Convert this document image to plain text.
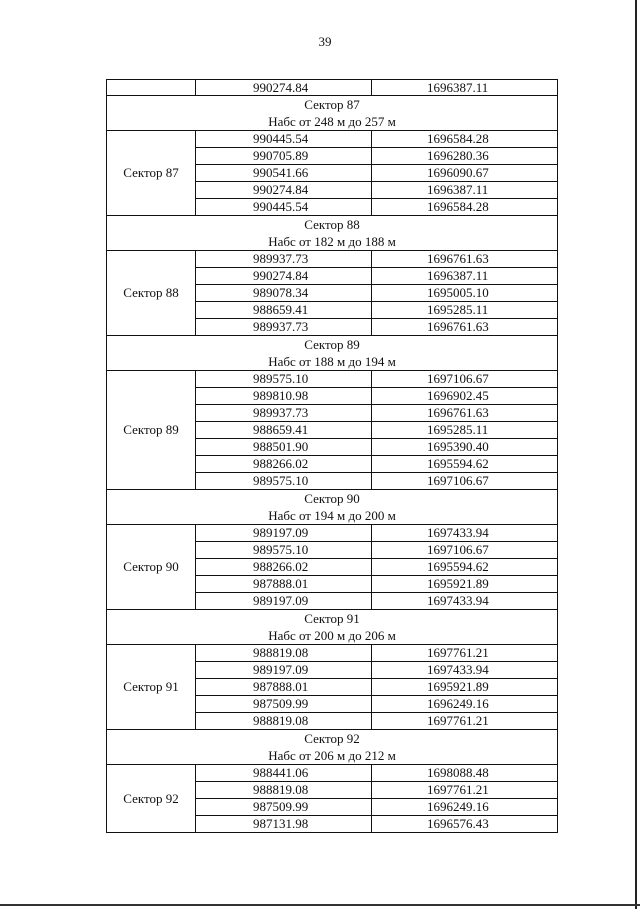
39
990274.84	1696387.11
Сектор 87
Набс от 248 м до 257 м
Сектор 87
990445.54	1696584.28
990705.89	1696280.36
990541.66	1696090.67
990274.84	1696387.11
990445.54	1696584.28
Сектор 88
Набс от 182 м до 188 м
Сектор 88
989937.73	1696761.63
990274.84	1696387.11
989078.34	1695005.10
988659.41	1695285.11
989937.73	1696761.63
Сектор 89
Набс от 188 м до 194 м
Сектор 89
989575.10	1697106.67
989810.98	1696902.45
989937.73	1696761.63
988659.41	1695285.11
988501.90	1695390.40
988266.02	1695594.62
989575.10	1697106.67
Сектор 90
Набс от 194 м до 200 м
Сектор 90
989197.09	1697433.94
989575.10	1697106.67
988266.02	1695594.62
987888.01	1695921.89
989197.09	1697433.94
Сектор 91
Набс от 200 м до 206 м
Сектор 91
988819.08	1697761.21
989197.09	1697433.94
987888.01	1695921.89
987509.99	1696249.16
988819.08	1697761.21
Сектор 92
Набс от 206 м до 212 м
Сектор 92
988441.06	1698088.48
988819.08	1697761.21
987509.99	1696249.16
987131.98	1696576.43
